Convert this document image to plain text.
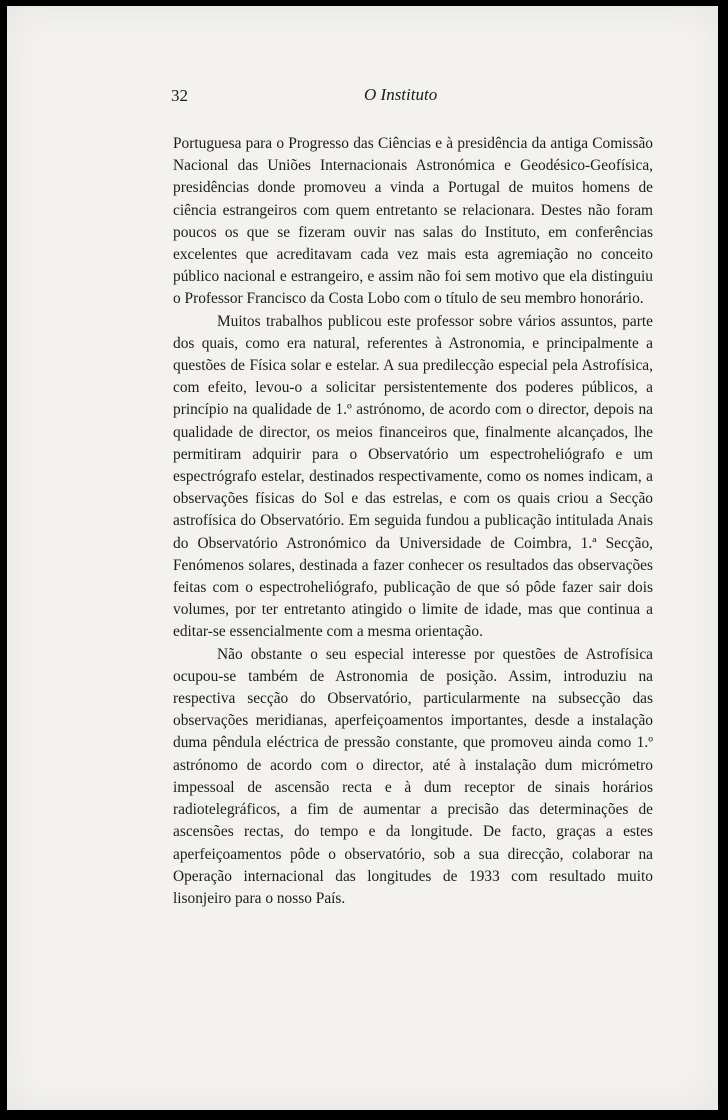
32	O Instituto

Portuguesa para o Progresso das Ciências e à presidência da antiga Comissão Nacional das Uniões Internacionais Astronómica e Geodésico-Geofísica, presidências donde promoveu a vinda a Portugal de muitos homens de ciência estrangeiros com quem entretanto se relacionara. Destes não foram poucos os que se fizeram ouvir nas salas do Instituto, em conferências excelentes que acreditavam cada vez mais esta agremiação no conceito público nacional e estrangeiro, e assim não foi sem motivo que ela distinguiu o Professor Francisco da Costa Lobo com o título de seu membro honorário.

Muitos trabalhos publicou este professor sobre vários assuntos, parte dos quais, como era natural, referentes à Astronomia, e principalmente a questões de Física solar e estelar. A sua predilecção especial pela Astrofísica, com efeito, levou-o a solicitar persistentemente dos poderes públicos, a princípio na qualidade de 1.º astrónomo, de acordo com o director, depois na qualidade de director, os meios financeiros que, finalmente alcançados, lhe permitiram adquirir para o Observatório um espectroheliógrafo e um espectrógrafo estelar, destinados respectivamente, como os nomes indicam, a observações físicas do Sol e das estrelas, e com os quais criou a Secção astrofísica do Observatório. Em seguida fundou a publicação intitulada Anais do Observatório Astronómico da Universidade de Coimbra, 1.ª Secção, Fenómenos solares, destinada a fazer conhecer os resultados das observações feitas com o espectroheliógrafo, publicação de que só pôde fazer sair dois volumes, por ter entretanto atingido o limite de idade, mas que continua a editar-se essencialmente com a mesma orientação.

Não obstante o seu especial interesse por questões de Astrofísica ocupou-se também de Astronomia de posição. Assim, introduziu na respectiva secção do Observatório, particularmente na subsecção das observações meridianas, aperfeiçoamentos importantes, desde a instalação duma pêndula eléctrica de pressão constante, que promoveu ainda como 1.º astrónomo de acordo com o director, até à instalação dum micrómetro impessoal de ascensão recta e à dum receptor de sinais horários radiotelegráficos, a fim de aumentar a precisão das determinações de ascensões rectas, do tempo e da longitude. De facto, graças a estes aperfeiçoamentos pôde o observatório, sob a sua direcção, colaborar na Operação internacional das longitudes de 1933 com resultado muito lisonjeiro para o nosso País.
